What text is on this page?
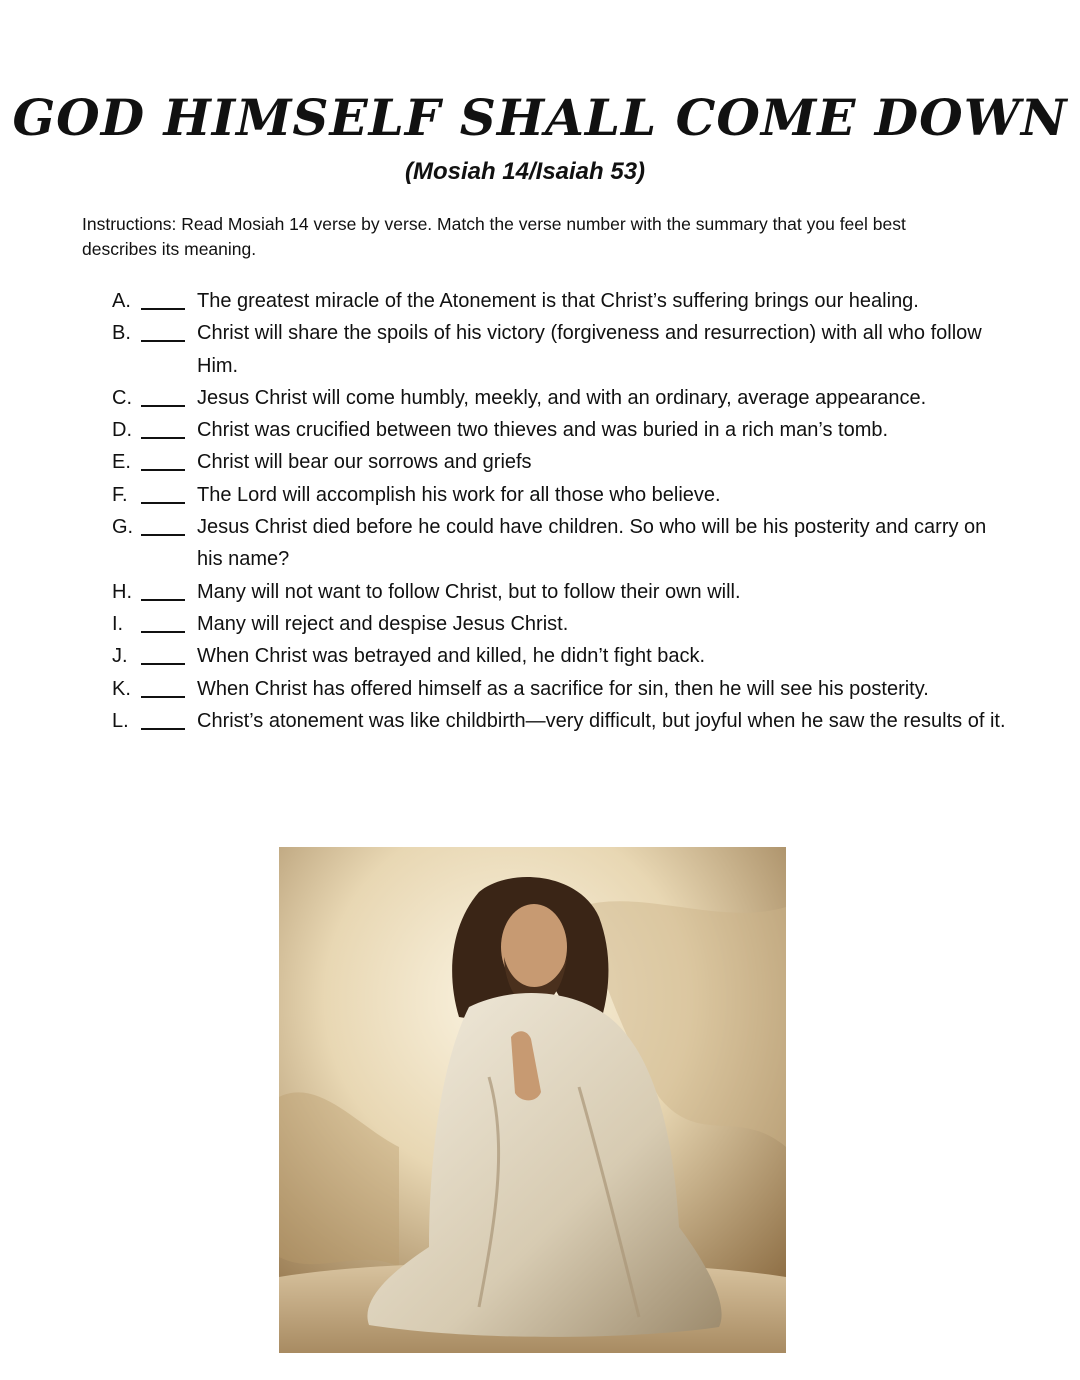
GOD HIMSELF SHALL COME DOWN

(Mosiah 14/Isaiah 53)

Instructions: Read Mosiah 14 verse by verse. Match the verse number with the summary that you feel best describes its meaning.

A.	The greatest miracle of the Atonement is that Christ’s suffering brings our healing.
B.	Christ will share the spoils of his victory (forgiveness and resurrection) with all who follow Him.
C.	Jesus Christ will come humbly, meekly, and with an ordinary, average appearance.
D.	Christ was crucified between two thieves and was buried in a rich man’s tomb.
E.	Christ will bear our sorrows and griefs
F.	The Lord will accomplish his work for all those who believe.
G.	Jesus Christ died before he could have children. So who will be his posterity and carry on his name?
H.	Many will not want to follow Christ, but to follow their own will.
I.	Many will reject and despise Jesus Christ.
J.	When Christ was betrayed and killed, he didn’t fight back.
K.	When Christ has offered himself as a sacrifice for sin, then he will see his posterity.
L.	Christ’s atonement was like childbirth—very difficult, but joyful when he saw the results of it.
